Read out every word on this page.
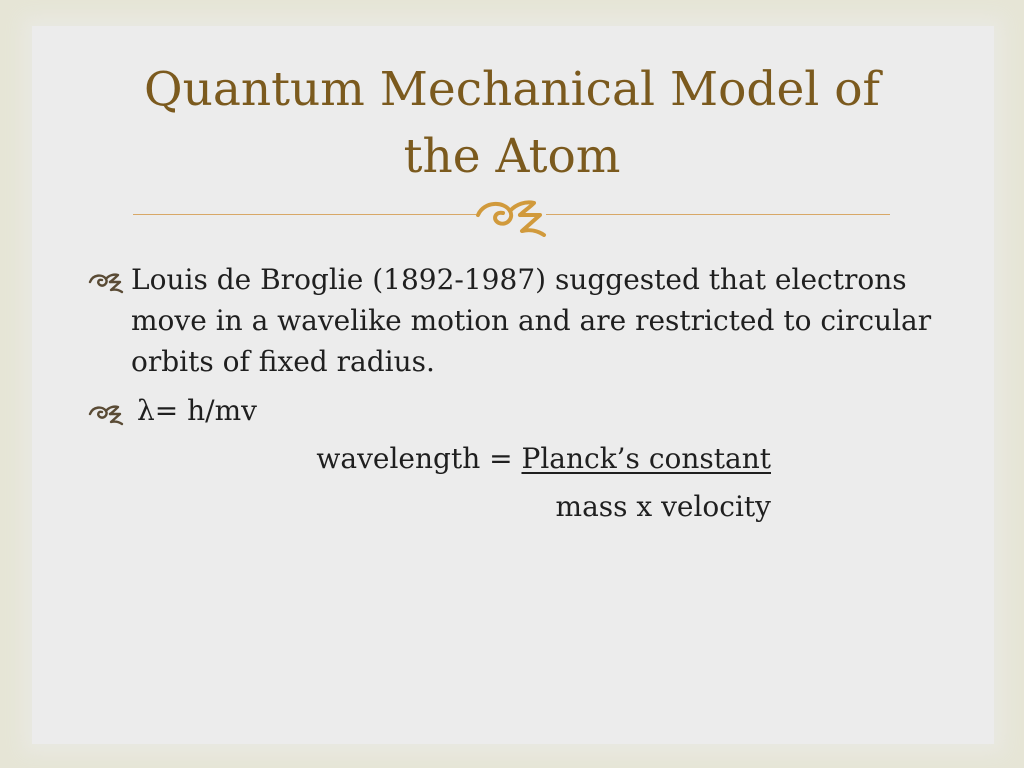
Quantum Mechanical Model of
the Atom

Louis de Broglie (1892-1987) suggested that electrons move in a wavelike motion and are restricted to circular orbits of fixed radius.

λ= h/mv

wavelength = Planck’s constant
mass x velocity
